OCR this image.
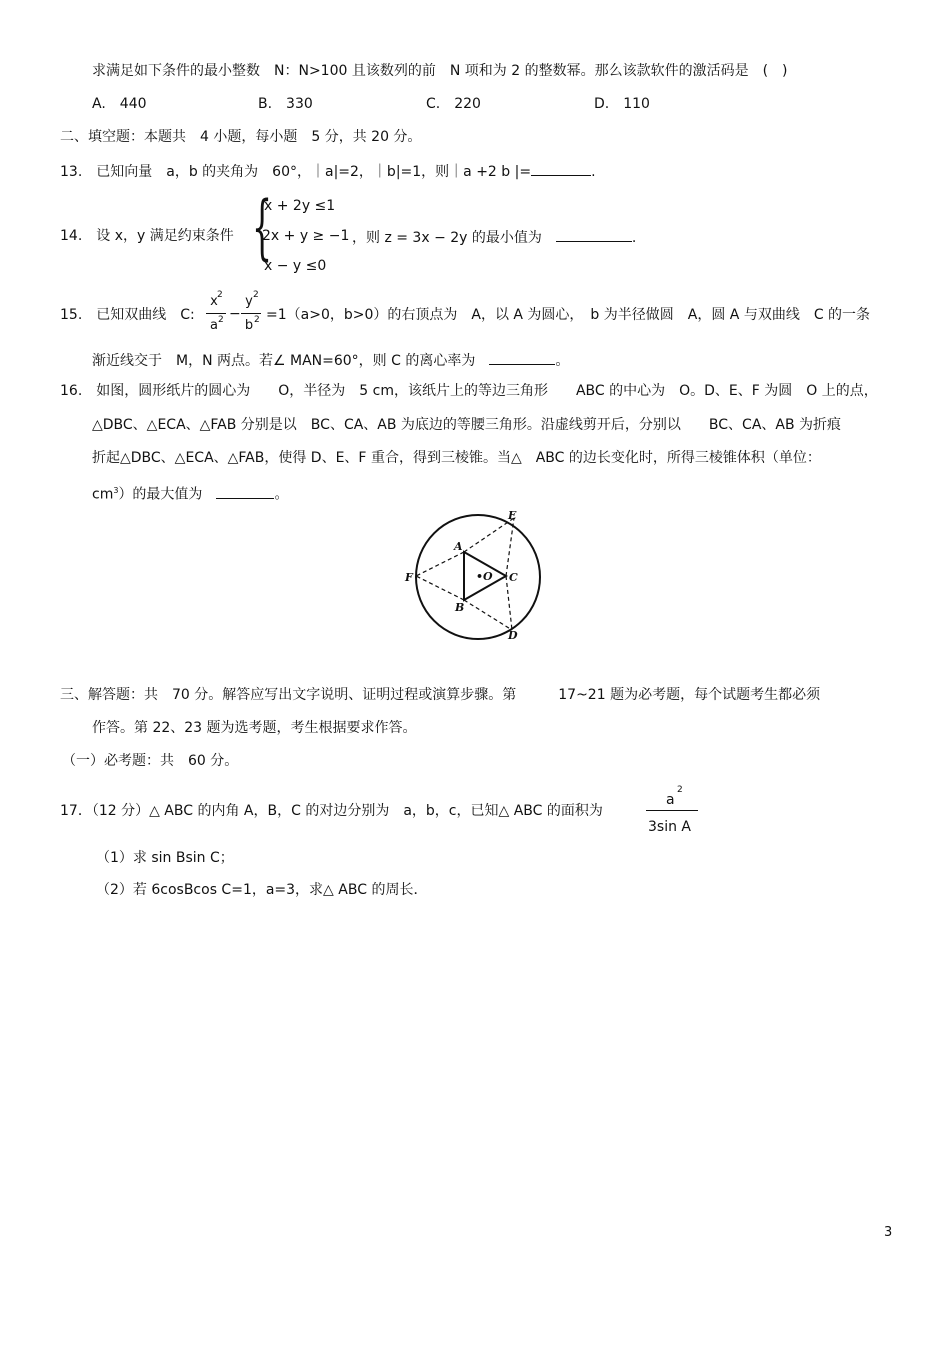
求满足如下条件的最小整数　N：N>100 且该数列的前　N 项和为 2 的整数幂。那么该款软件的激活码是　(　)
A.　440	B.　330	C.　220	D.　110
二、填空题：本题共　4 小题，每小题　5 分，共 20 分。
13.　已知向量　a，b 的夹角为　60°，｜a|=2，｜b|=1，则｜a +2 b |=	.
14.　设 x，y 满足约束条件 {
x + 2y ≤1
2x + y ≥ −1
x − y ≤0
，则 z = 3x − 2y 的最小值为　	.
15.　已知双曲线　C:
x 2
a 2 −
y 2
b 2 =1（a>0，b>0）的右顶点为　A，以 A 为圆心，　b 为半径做圆　A，圆 A 与双曲线　C 的一条
渐近线交于　M，N 两点。若∠ MAN=60°，则 C 的离心率为　	。
16.　如图，圆形纸片的圆心为　　O，半径为　5 cm，该纸片上的等边三角形　　ABC 的中心为　O。D、E、F 为圆　O 上的点，
△DBC、△ECA、△FAB 分别是以　BC、CA、AB 为底边的等腰三角形。沿虚线剪开后，分别以　　BC、CA、AB 为折痕
折起△DBC、△ECA、△FAB，使得 D、E、F 重合，得到三棱锥。当△　ABC 的边长变化时，所得三棱锥体积（单位：
$cm^3$）的最大值为　	。
A
B
C
D
E
F	•O
三、解答题：共　70 分。解答应写出文字说明、证明过程或演算步骤。第　　　17~21 题为必考题，每个试题考生都必须
作答。第 22、23 题为选考题，考生根据要求作答。
（一）必考题：共　60 分。
17．（12 分）△ ABC 的内角 A，B，C 的对边分别为　a，b，c，已知△ ABC 的面积为
a
2
3sin A
（1）求 sin Bsin C；
（2）若 6cosBcos C=1，a=3，求△ ABC 的周长．
3
